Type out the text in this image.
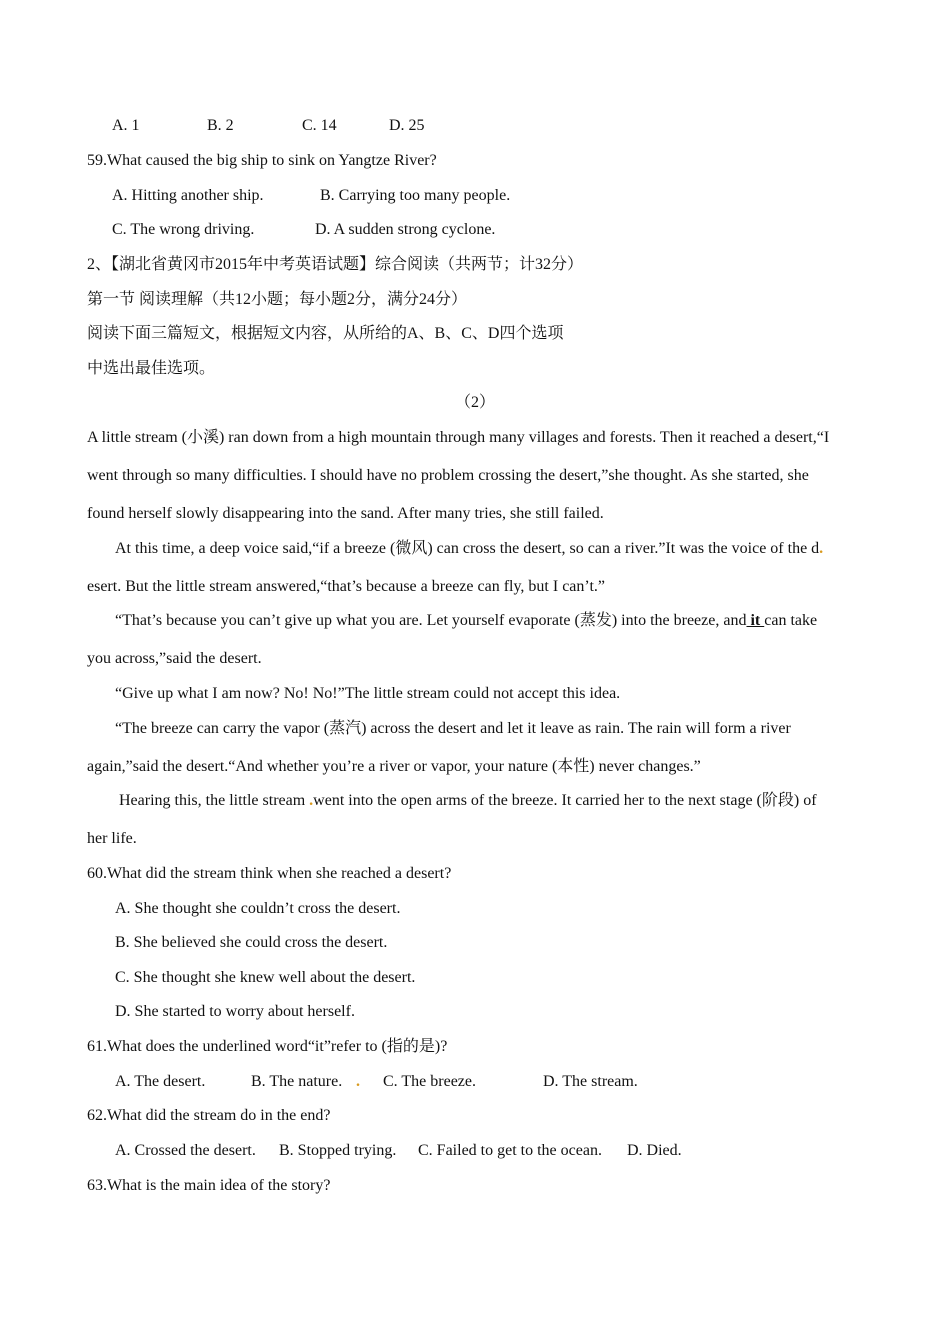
A. 1	B. 2	C. 14	D. 25
59.What caused the big ship to sink on Yangtze River?
A. Hitting another ship.	B. Carrying too many people.
C. The wrong driving.	D. A sudden strong cyclone.
2、【湖北省黄冈市2015年中考英语试题】综合阅读（共两节；计32分）
第一节 阅读理解（共12小题；每小题2分，满分24分）
阅读下面三篇短文，根据短文内容，从所给的A、B、C、D四个选项
中选出最佳选项。
（2）
A little stream (小溪) ran down from a high mountain through many villages and forests. Then it reached a desert,“I
went through so many difficulties. I should have no problem crossing the desert,”she thought. As she started, she
found herself slowly disappearing into the sand. After many tries, she still failed.
At this time, a deep voice said,“if a breeze (微风) can cross the desert, so can a river.”It was the voice of the d.
esert. But the little stream answered,“that’s because a breeze can fly, but I can’t.”
“That’s because you can’t give up what you are. Let yourself evaporate (蒸发) into the breeze, and it can take
you across,”said the desert.
“Give up what I am now? No! No!”The little stream could not accept this idea.
“The breeze can carry the vapor (蒸汽) across the desert and let it leave as rain. The rain will form a river
again,”said the desert.“And whether you’re a river or vapor, your nature (本性) never changes.”
Hearing this, the little stream .went into the open arms of the breeze. It carried her to the next stage (阶段) of
her life.
60.What did the stream think when she reached a desert?
A. She thought she couldn’t cross the desert.
B. She believed she could cross the desert.
C. She thought she knew well about the desert.
D. She started to worry about herself.
61.What does the underlined word“it”refer to (指的是)?
A. The desert.	B. The nature. . C. The breeze.	D. The stream.
62.What did the stream do in the end?
A. Crossed the desert. B. Stopped trying. C. Failed to get to the ocean. D. Died.
63.What is the main idea of the story?
